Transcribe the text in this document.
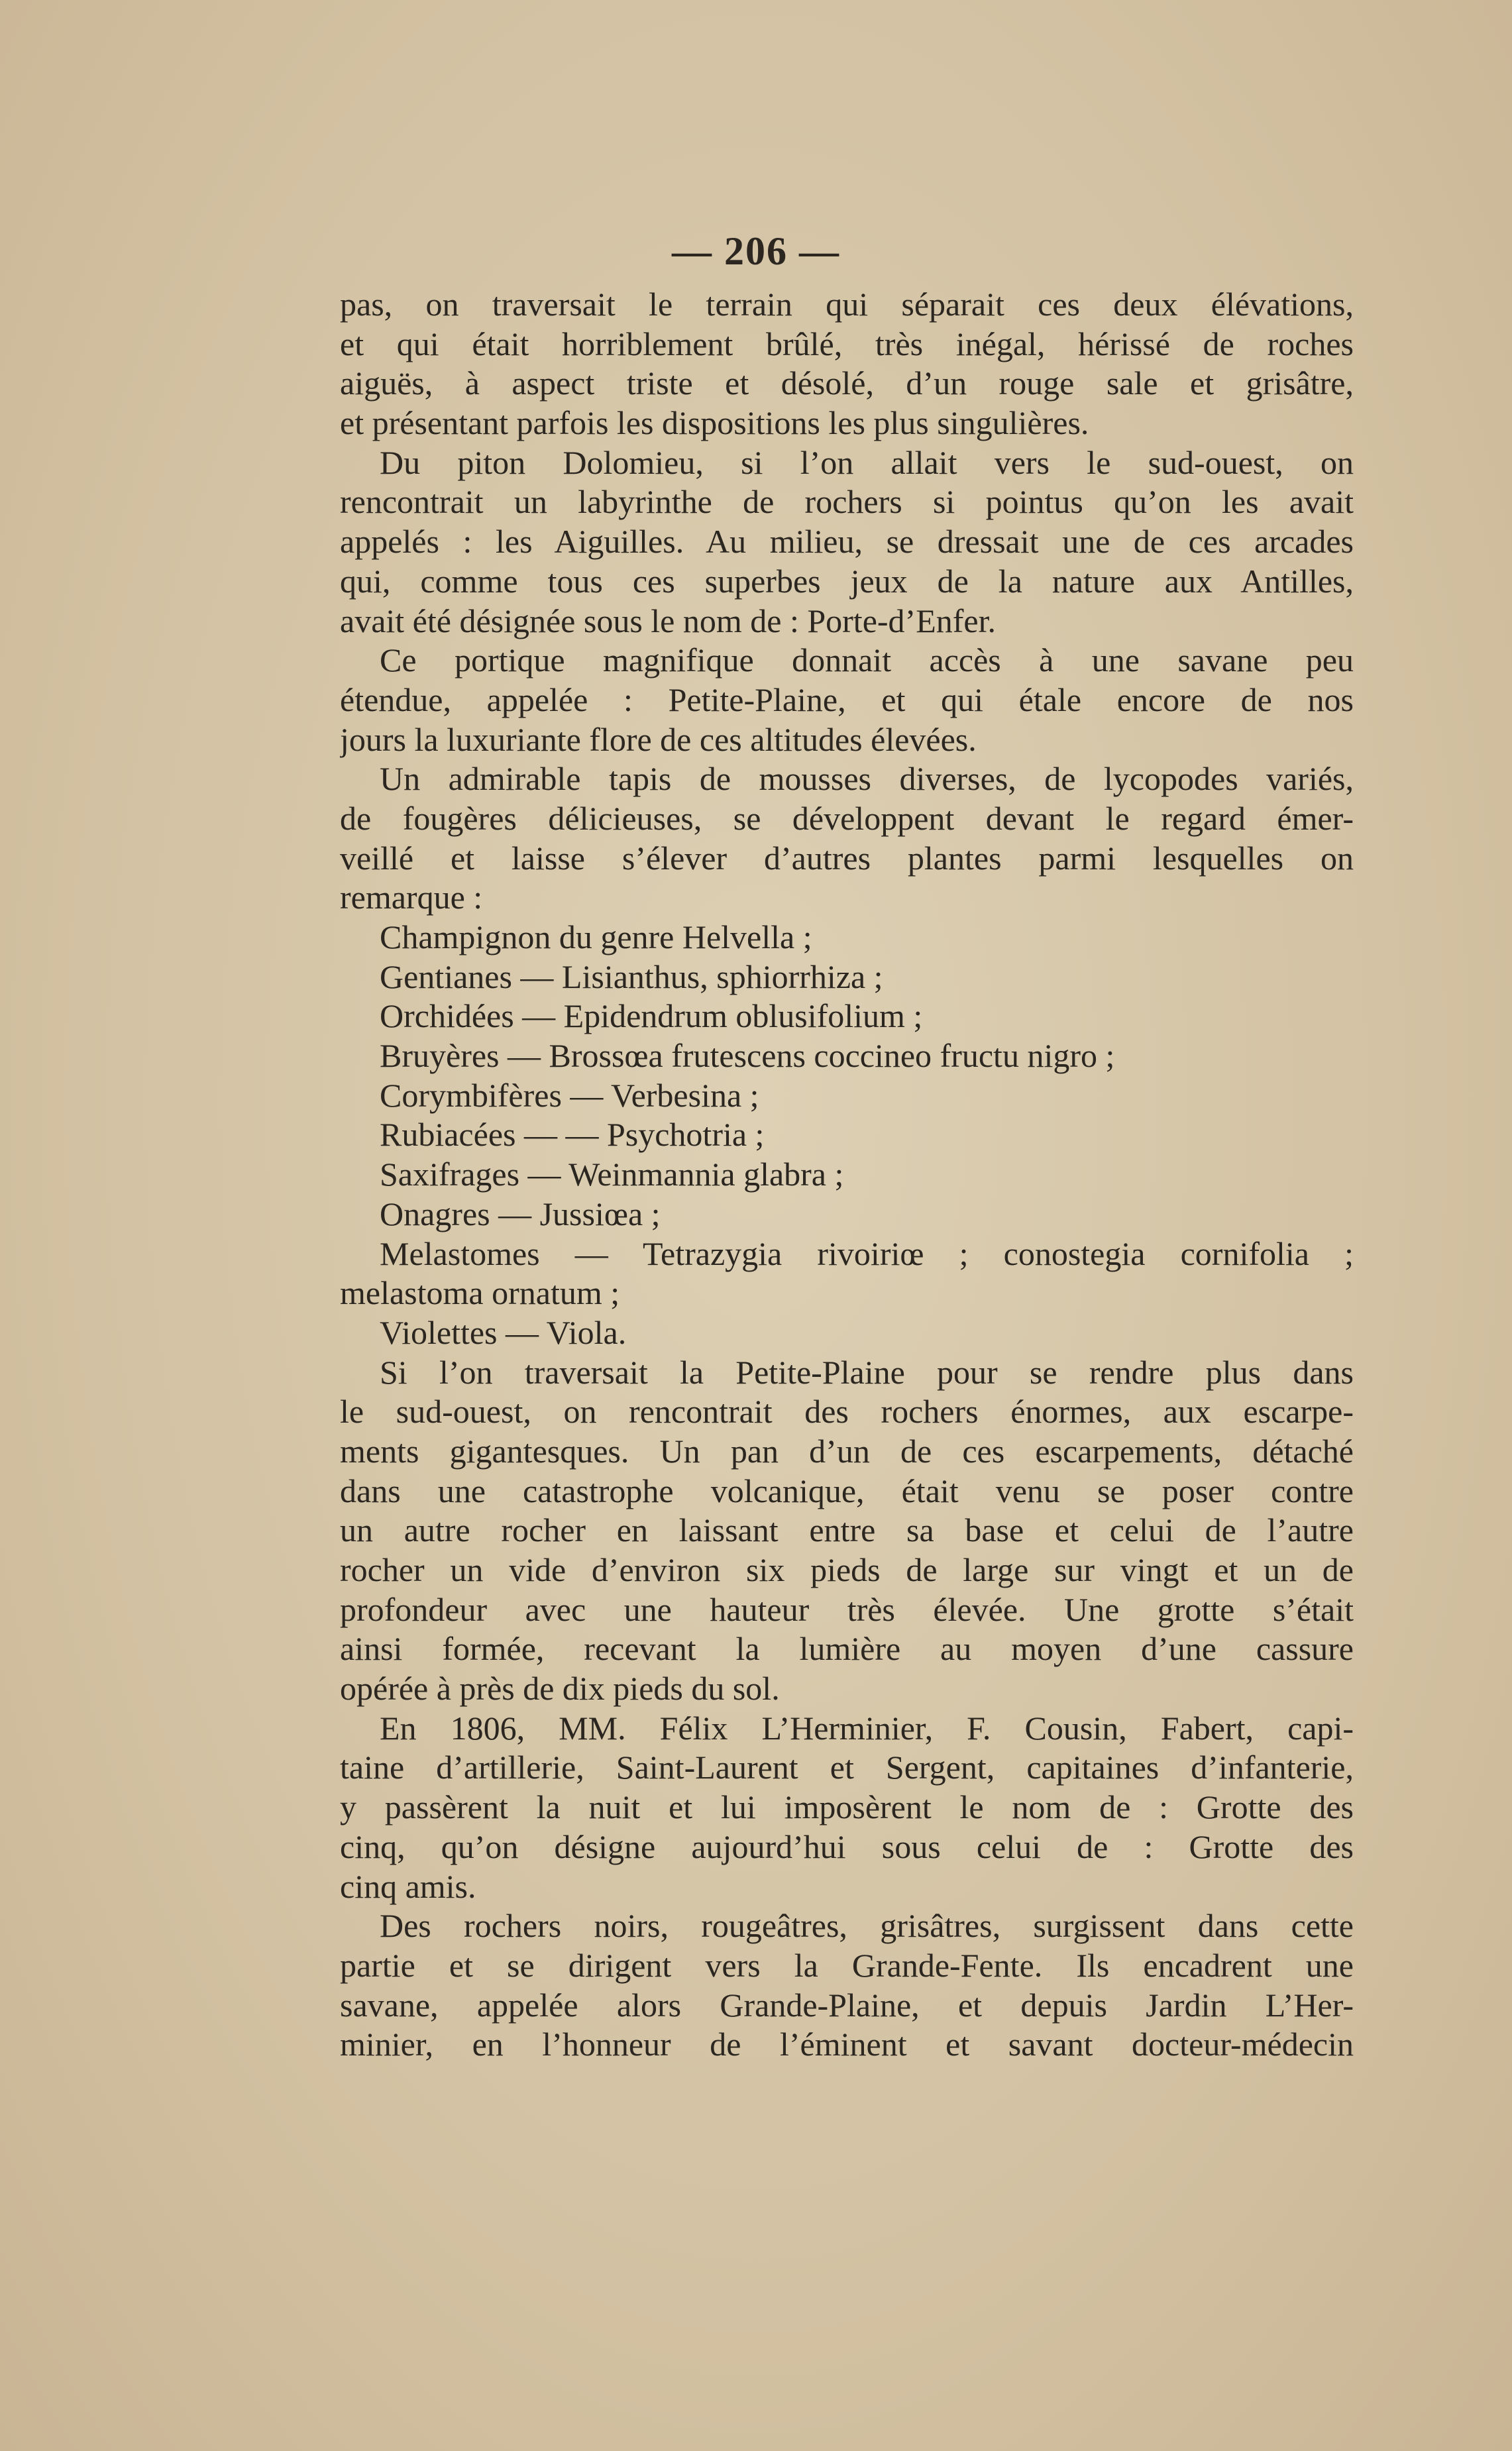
— 206 —
pas, on traversait le terrain qui séparait ces deux élévations,
et qui était horriblement brûlé, très inégal, hérissé de roches
aiguës, à aspect triste et désolé, d’un rouge sale et grisâtre,
et présentant parfois les dispositions les plus singulières.
Du piton Dolomieu, si l’on allait vers le sud-ouest, on
rencontrait un labyrinthe de rochers si pointus qu’on les avait
appelés : les Aiguilles. Au milieu, se dressait une de ces arcades
qui, comme tous ces superbes jeux de la nature aux Antilles,
avait été désignée sous le nom de : Porte-d’Enfer.
Ce portique magnifique donnait accès à une savane peu
étendue, appelée : Petite-Plaine, et qui étale encore de nos
jours la luxuriante flore de ces altitudes élevées.
Un admirable tapis de mousses diverses, de lycopodes variés,
de fougères délicieuses, se développent devant le regard émer-
veillé et laisse s’élever d’autres plantes parmi lesquelles on
remarque :
Champignon du genre Helvella ;
Gentianes — Lisianthus, sphiorrhiza ;
Orchidées — Epidendrum oblusifolium ;
Bruyères — Brossœa frutescens coccineo fructu nigro ;
Corymbifères — Verbesina ;
Rubiacées — — Psychotria ;
Saxifrages — Weinmannia glabra ;
Onagres — Jussiœa ;
Melastomes — Tetrazygia rivoiriœ ; conostegia cornifolia ;
melastoma ornatum ;
Violettes — Viola.
Si l’on traversait la Petite-Plaine pour se rendre plus dans
le sud-ouest, on rencontrait des rochers énormes, aux escarpe-
ments gigantesques. Un pan d’un de ces escarpements, détaché
dans une catastrophe volcanique, était venu se poser contre
un autre rocher en laissant entre sa base et celui de l’autre
rocher un vide d’environ six pieds de large sur vingt et un de
profondeur avec une hauteur très élevée. Une grotte s’était
ainsi formée, recevant la lumière au moyen d’une cassure
opérée à près de dix pieds du sol.
En 1806, MM. Félix L’Herminier, F. Cousin, Fabert, capi-
taine d’artillerie, Saint-Laurent et Sergent, capitaines d’infanterie,
y passèrent la nuit et lui imposèrent le nom de : Grotte des
cinq, qu’on désigne aujourd’hui sous celui de : Grotte des
cinq amis.
Des rochers noirs, rougeâtres, grisâtres, surgissent dans cette
partie et se dirigent vers la Grande-Fente. Ils encadrent une
savane, appelée alors Grande-Plaine, et depuis Jardin L’Her-
minier, en l’honneur de l’éminent et savant docteur-médecin
